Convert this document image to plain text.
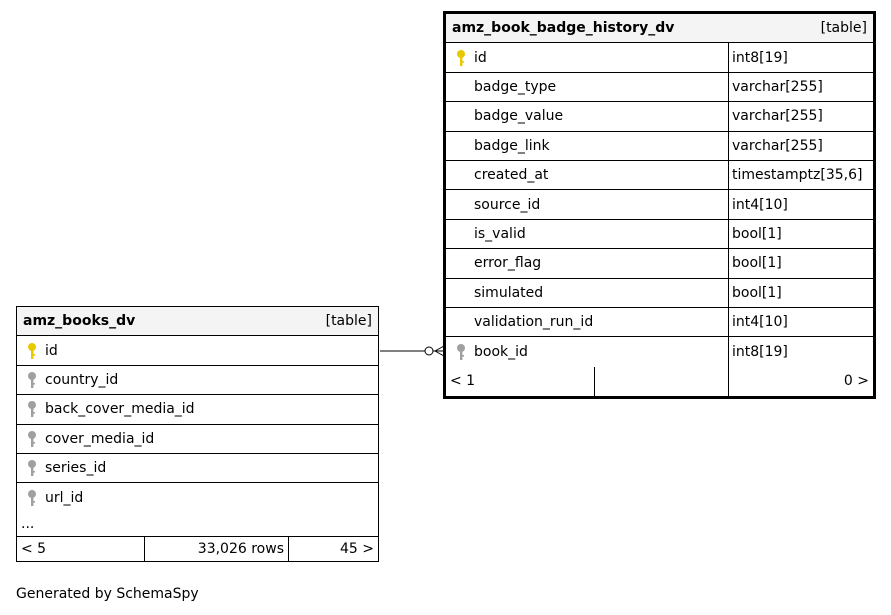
amz_book_badge_history_dv	[table]
id	int8[19]
badge_type	varchar[255]
badge_value	varchar[255]
badge_link	varchar[255]
created_at	timestamptz[35,6]
source_id	int4[10]
is_valid	bool[1]
error_flag	bool[1]
simulated	bool[1]
validation_run_id	int4[10]
book_id	int8[19]
< 1	0 >
amz_books_dv	[table]
id
country_id
back_cover_media_id
cover_media_id
series_id
url_id
...
< 5	33,026 rows	45 >
Generated by SchemaSpy
